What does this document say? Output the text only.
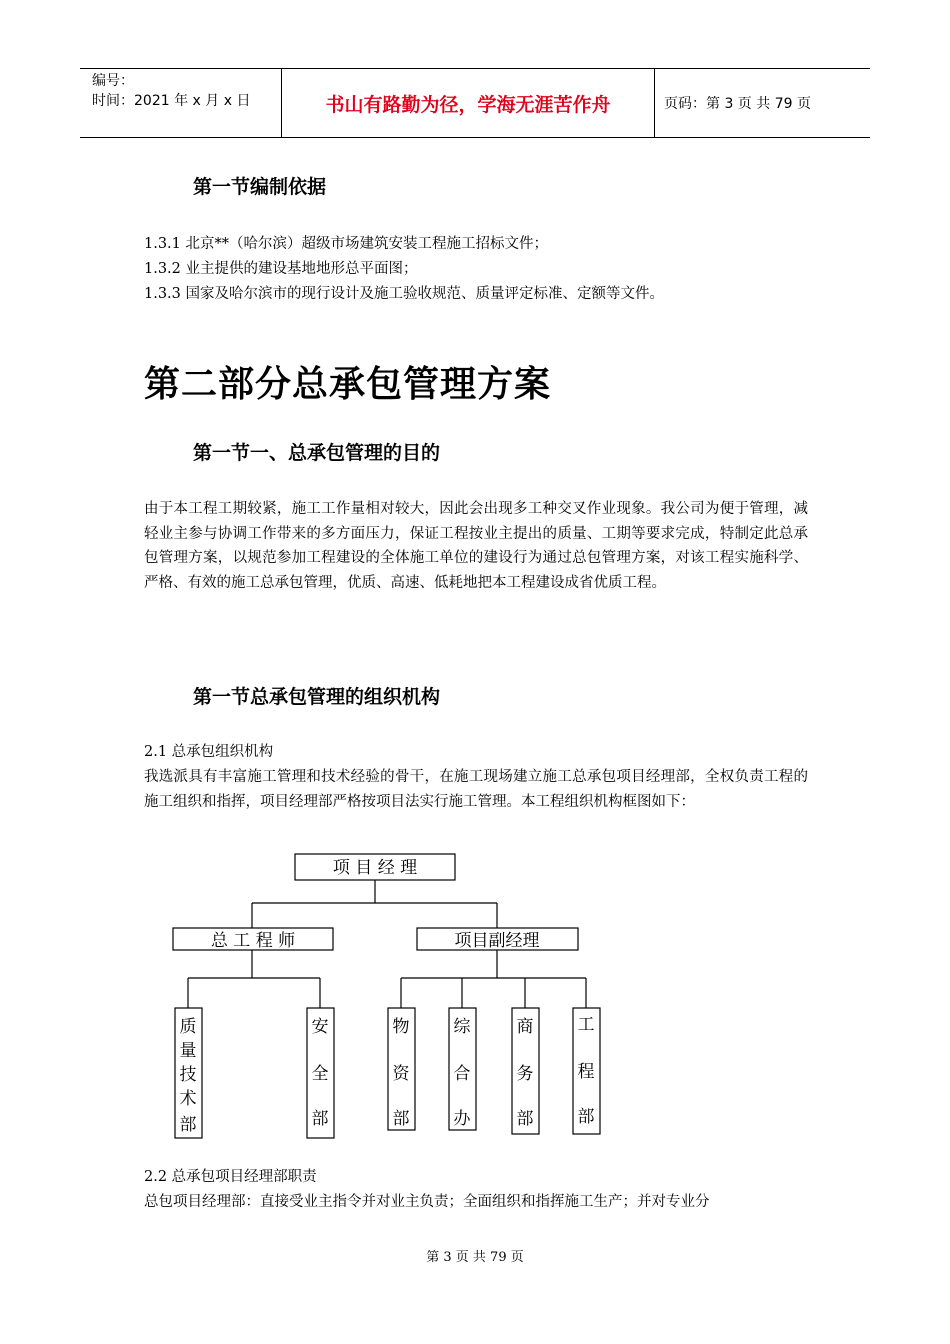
编号：
时间：2021 年 x 月 x 日	书山有路勤为径，学海无涯苦作舟	页码：第 3 页 共 79 页
第一节编制依据
1.3.1 北京**（哈尔滨）超级市场建筑安装工程施工招标文件；
1.3.2 业主提供的建设基地地形总平面图；
1.3.3 国家及哈尔滨市的现行设计及施工验收规范、质量评定标准、定额等文件。
第二部分总承包管理方案
第一节一、总承包管理的目的
由于本工程工期较紧，施工工作量相对较大，因此会出现多工种交叉作业现象。我公司为便于管理，减轻业主参与协调工作带来的多方面压力，保证工程按业主提出的质量、工期等要求完成，特制定此总承包管理方案，以规范参加工程建设的全体施工单位的建设行为通过总包管理方案，对该工程实施科学、严格、有效的施工总承包管理，优质、高速、低耗地把本工程建设成省优质工程。
第一节总承包管理的组织机构
2.1 总承包组织机构
我选派具有丰富施工管理和技术经验的骨干，在施工现场建立施工总承包项目经理部，全权负责工程的施工组织和指挥，项目经理部严格按项目法实行施工管理。本工程组织机构框图如下：
项 目 经 理
总 工 程 师	项目副经理
质量技术部
安全部
物资部
综合办
商务部
工程部
2.2 总承包项目经理部职责
总包项目经理部：直接受业主指令并对业主负责；全面组织和指挥施工生产；并对专业分
第 3 页 共 79 页
